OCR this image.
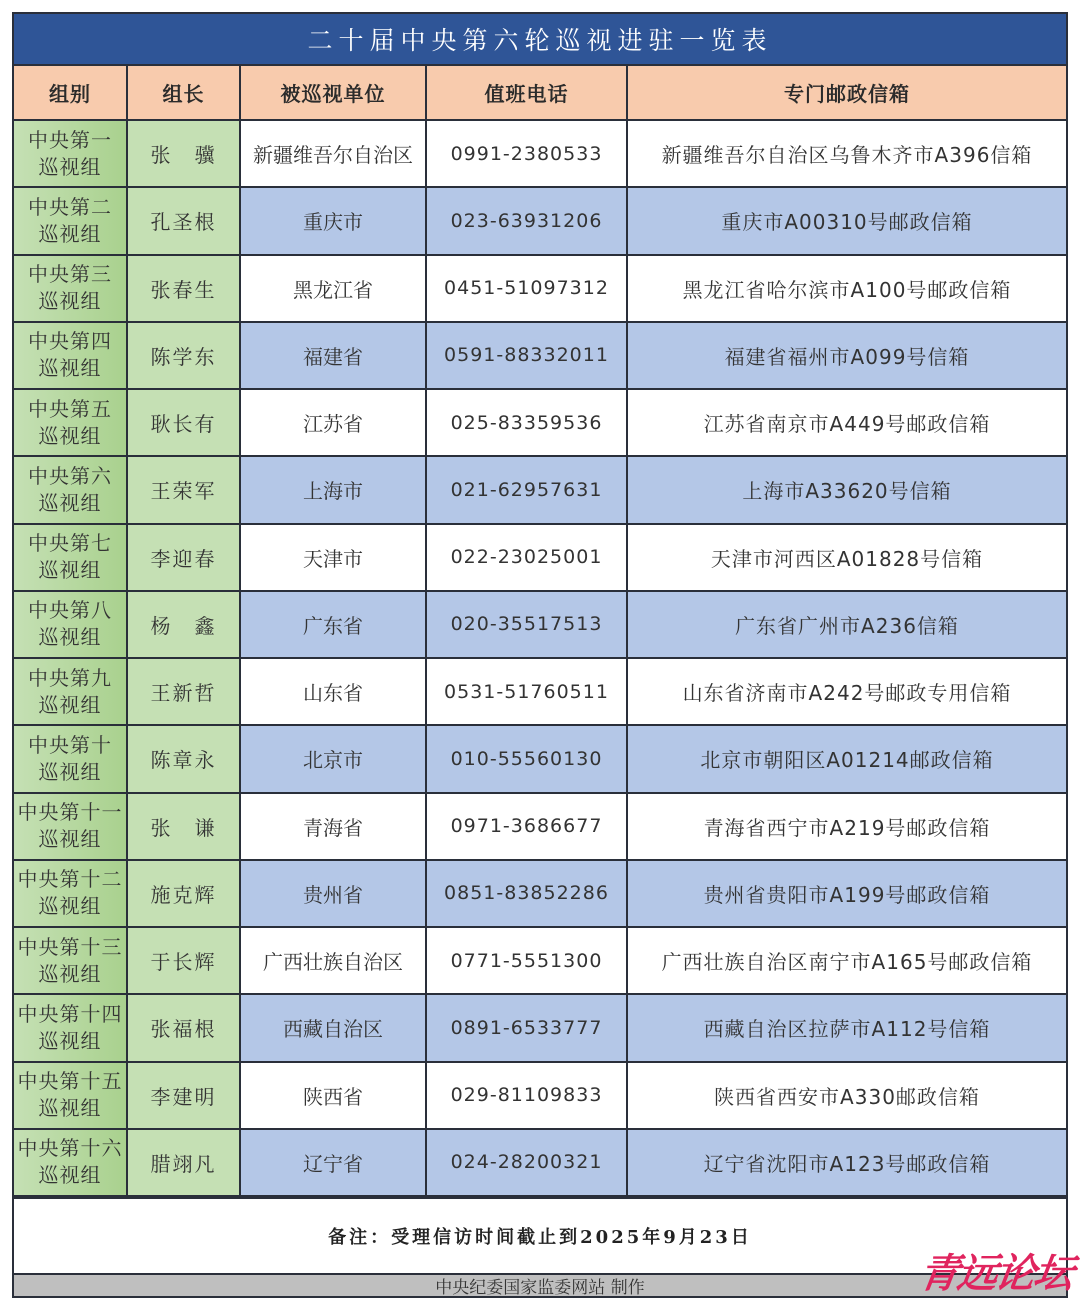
二十届中央第六轮巡视进驻一览表
组别	组长	被巡视单位	值班电话	专门邮政信箱
中央第一
巡视组	张　骥	新疆维吾尔自治区	0991-2380533	新疆维吾尔自治区乌鲁木齐市A396信箱
中央第二
巡视组	孔圣根	重庆市	023-63931206	重庆市A00310号邮政信箱
中央第三
巡视组	张春生	黑龙江省	0451-51097312	黑龙江省哈尔滨市A100号邮政信箱
中央第四
巡视组	陈学东	福建省	0591-88332011	福建省福州市A099号信箱
中央第五
巡视组	耿长有	江苏省	025-83359536	江苏省南京市A449号邮政信箱
中央第六
巡视组	王荣军	上海市	021-62957631	上海市A33620号信箱
中央第七
巡视组	李迎春	天津市	022-23025001	天津市河西区A01828号信箱
中央第八
巡视组	杨　鑫	广东省	020-35517513	广东省广州市A236信箱
中央第九
巡视组	王新哲	山东省	0531-51760511	山东省济南市A242号邮政专用信箱
中央第十
巡视组	陈章永	北京市	010-55560130	北京市朝阳区A01214邮政信箱
中央第十一
巡视组	张　谦	青海省	0971-3686677	青海省西宁市A219号邮政信箱
中央第十二
巡视组	施克辉	贵州省	0851-83852286	贵州省贵阳市A199号邮政信箱
中央第十三
巡视组	于长辉	广西壮族自治区	0771-5551300	广西壮族自治区南宁市A165号邮政信箱
中央第十四
巡视组	张福根	西藏自治区	0891-6533777	西藏自治区拉萨市A112号信箱
中央第十五
巡视组	李建明	陕西省	029-81109833	陕西省西安市A330邮政信箱
中央第十六
巡视组	腊翊凡	辽宁省	024-28200321	辽宁省沈阳市A123号邮政信箱
备注：受理信访时间截止到2025年9月23日
中央纪委国家监委网站 制作	青远论坛
